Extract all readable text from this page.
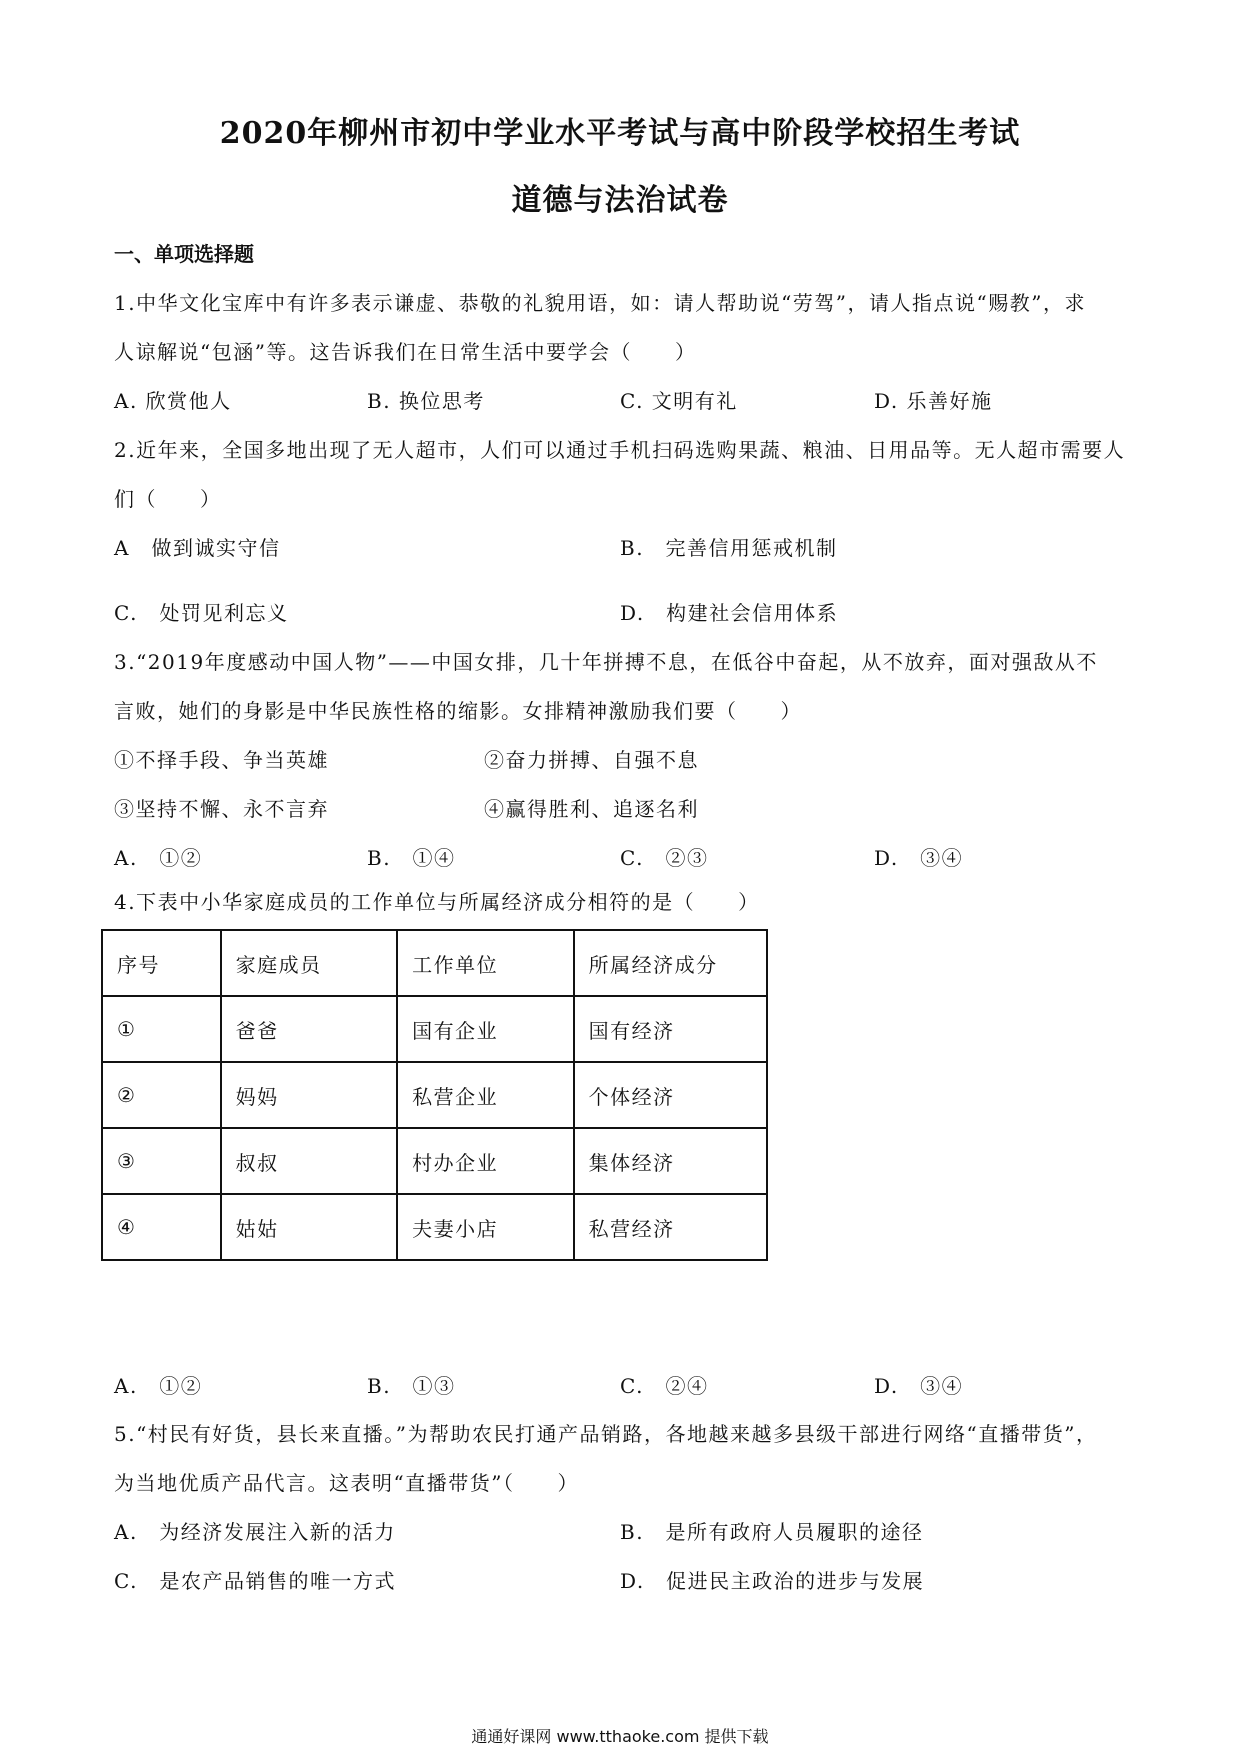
2020年柳州市初中学业水平考试与高中阶段学校招生考试
道德与法治试卷
一、单项选择题
1.中华文化宝库中有许多表示谦虚、恭敬的礼貌用语，如：请人帮助说“劳驾”，请人指点说“赐教”，求
人谅解说“包涵”等。这告诉我们在日常生活中要学会（　　）
A. 欣赏他人	B. 换位思考	C. 文明有礼	D. 乐善好施
2.近年来，全国多地出现了无人超市，人们可以通过手机扫码选购果蔬、粮油、日用品等。无人超市需要人
们（　　）
A　做到诚实守信	B.　完善信用惩戒机制
C.　处罚见利忘义	D.　构建社会信用体系
3.“2019年度感动中国人物”——中国女排，几十年拼搏不息，在低谷中奋起，从不放弃，面对强敌从不
言败，她们的身影是中华民族性格的缩影。女排精神激励我们要（　　）
①不择手段、争当英雄	②奋力拼搏、自强不息
③坚持不懈、永不言弃	④赢得胜利、追逐名利
A.　①②	B.　①④	C.　②③	D.　③④
4.下表中小华家庭成员的工作单位与所属经济成分相符的是（　　）
序号	家庭成员	工作单位	所属经济成分
①	爸爸	国有企业	国有经济
②	妈妈	私营企业	个体经济
③	叔叔	村办企业	集体经济
④	姑姑	夫妻小店	私营经济
A.　①②	B.　①③	C.　②④	D.　③④
5.“村民有好货，县长来直播。”为帮助农民打通产品销路，各地越来越多县级干部进行网络“直播带货”，
为当地优质产品代言。这表明“直播带货”（　　）
A.　为经济发展注入新的活力	B.　是所有政府人员履职的途径
C.　是农产品销售的唯一方式	D.　促进民主政治的进步与发展
通通好课网 www.tthaoke.com 提供下载
